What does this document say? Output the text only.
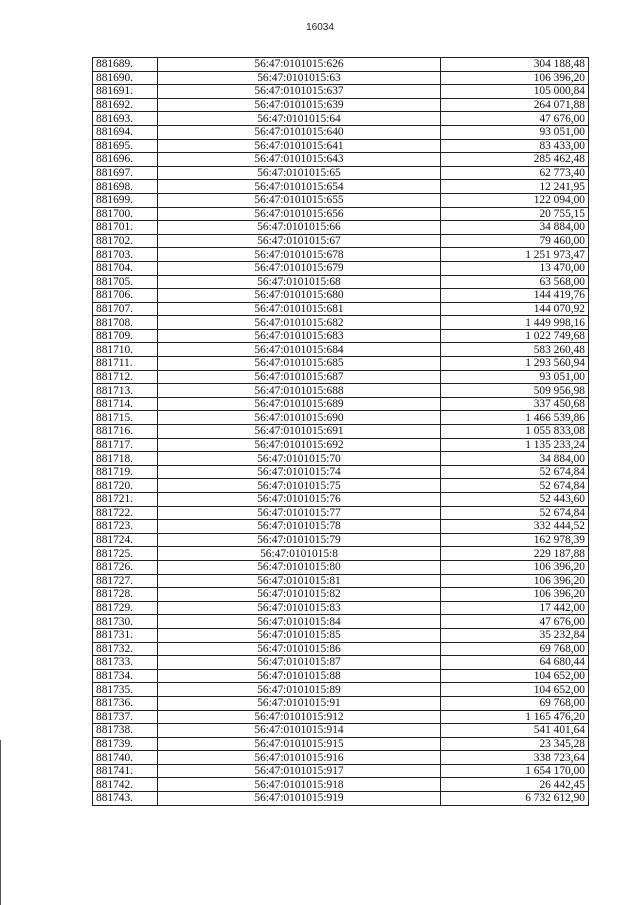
16034
881689.	56:47:0101015:626	304 188,48
881690.	56:47:0101015:63	106 396,20
881691.	56:47:0101015:637	105 000,84
881692.	56:47:0101015:639	264 071,88
881693.	56:47:0101015:64	47 676,00
881694.	56:47:0101015:640	93 051,00
881695.	56:47:0101015:641	83 433,00
881696.	56:47:0101015:643	285 462,48
881697.	56:47:0101015:65	62 773,40
881698.	56:47:0101015:654	12 241,95
881699.	56:47:0101015:655	122 094,00
881700.	56:47:0101015:656	20 755,15
881701.	56:47:0101015:66	34 884,00
881702.	56:47:0101015:67	79 460,00
881703.	56:47:0101015:678	1 251 973,47
881704.	56:47:0101015:679	13 470,00
881705.	56:47:0101015:68	63 568,00
881706.	56:47:0101015:680	144 419,76
881707.	56:47:0101015:681	144 070,92
881708.	56:47:0101015:682	1 449 998,16
881709.	56:47:0101015:683	1 022 749,68
881710.	56:47:0101015:684	583 260,48
881711.	56:47:0101015:685	1 293 560,94
881712.	56:47:0101015:687	93 051,00
881713.	56:47:0101015:688	509 956,98
881714.	56:47:0101015:689	337 450,68
881715.	56:47:0101015:690	1 466 539,86
881716.	56:47:0101015:691	1 055 833,08
881717.	56:47:0101015:692	1 135 233,24
881718.	56:47:0101015:70	34 884,00
881719.	56:47:0101015:74	52 674,84
881720.	56:47:0101015:75	52 674,84
881721.	56:47:0101015:76	52 443,60
881722.	56:47:0101015:77	52 674,84
881723.	56:47:0101015:78	332 444,52
881724.	56:47:0101015:79	162 978,39
881725.	56:47:0101015:8	229 187,88
881726.	56:47:0101015:80	106 396,20
881727.	56:47:0101015:81	106 396,20
881728.	56:47:0101015:82	106 396,20
881729.	56:47:0101015:83	17 442,00
881730.	56:47:0101015:84	47 676,00
881731.	56:47:0101015:85	35 232,84
881732.	56:47:0101015:86	69 768,00
881733.	56:47:0101015:87	64 680,44
881734.	56:47:0101015:88	104 652,00
881735.	56:47:0101015:89	104 652,00
881736.	56:47:0101015:91	69 768,00
881737.	56:47:0101015:912	1 165 476,20
881738.	56:47:0101015:914	541 401,64
881739.	56:47:0101015:915	23 345,28
881740.	56:47:0101015:916	338 723,64
881741.	56:47:0101015:917	1 654 170,00
881742.	56:47:0101015:918	26 442,45
881743.	56:47:0101015:919	6 732 612,90
